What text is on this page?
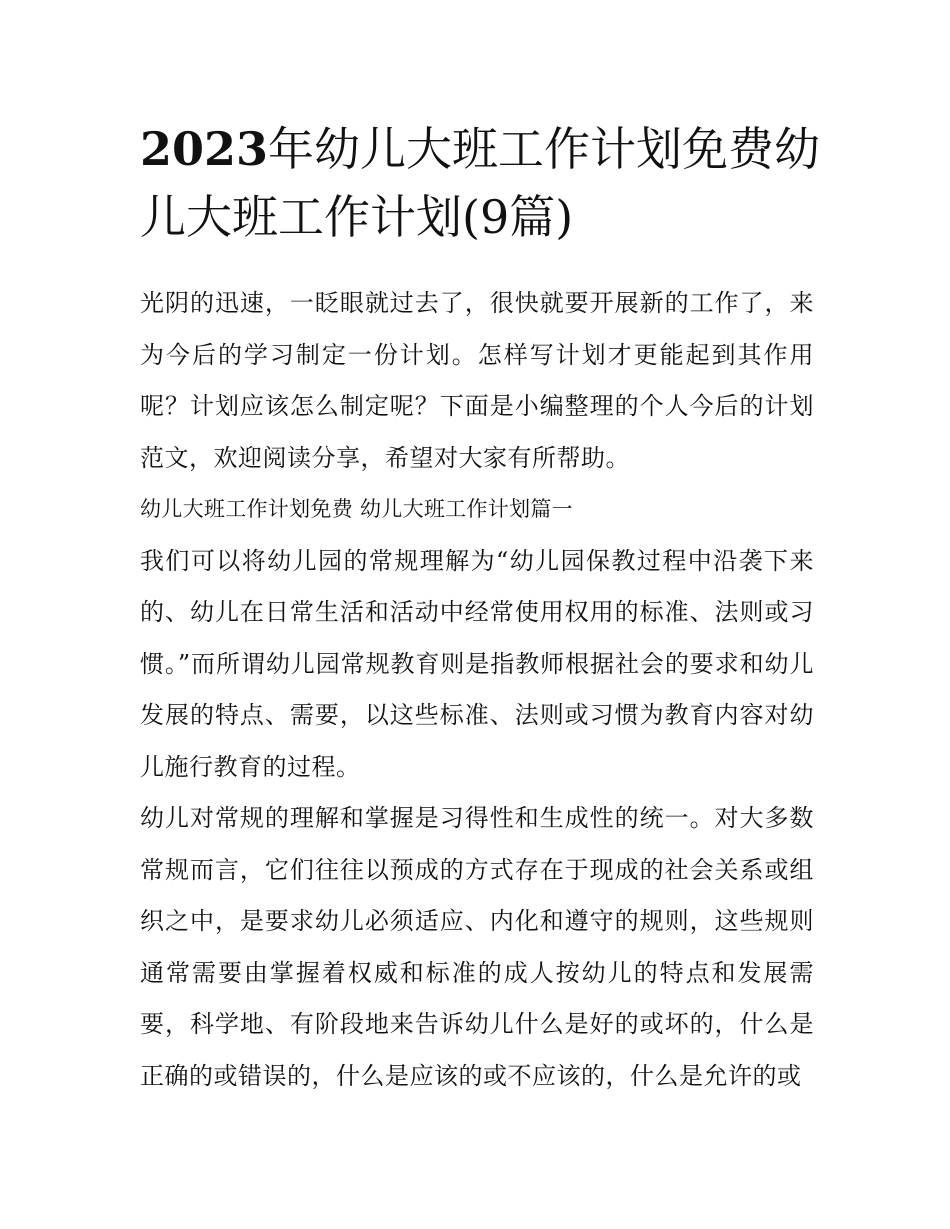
2023年幼儿大班工作计划免费幼儿大班工作计划(9篇)

光阴的迅速，一眨眼就过去了，很快就要开展新的工作了，来为今后的学习制定一份计划。怎样写计划才更能起到其作用呢？计划应该怎么制定呢？下面是小编整理的个人今后的计划范文，欢迎阅读分享，希望对大家有所帮助。

幼儿大班工作计划免费 幼儿大班工作计划篇一

我们可以将幼儿园的常规理解为“幼儿园保教过程中沿袭下来的、幼儿在日常生活和活动中经常使用权用的标准、法则或习惯。”而所谓幼儿园常规教育则是指教师根据社会的要求和幼儿发展的特点、需要，以这些标准、法则或习惯为教育内容对幼儿施行教育的过程。

幼儿对常规的理解和掌握是习得性和生成性的统一。对大多数常规而言，它们往往以预成的方式存在于现成的社会关系或组织之中，是要求幼儿必须适应、内化和遵守的规则，这些规则通常需要由掌握着权威和标准的成人按幼儿的特点和发展需要，科学地、有阶段地来告诉幼儿什么是好的或坏的，什么是正确的或错误的，什么是应该的或不应该的，什么是允许的或
